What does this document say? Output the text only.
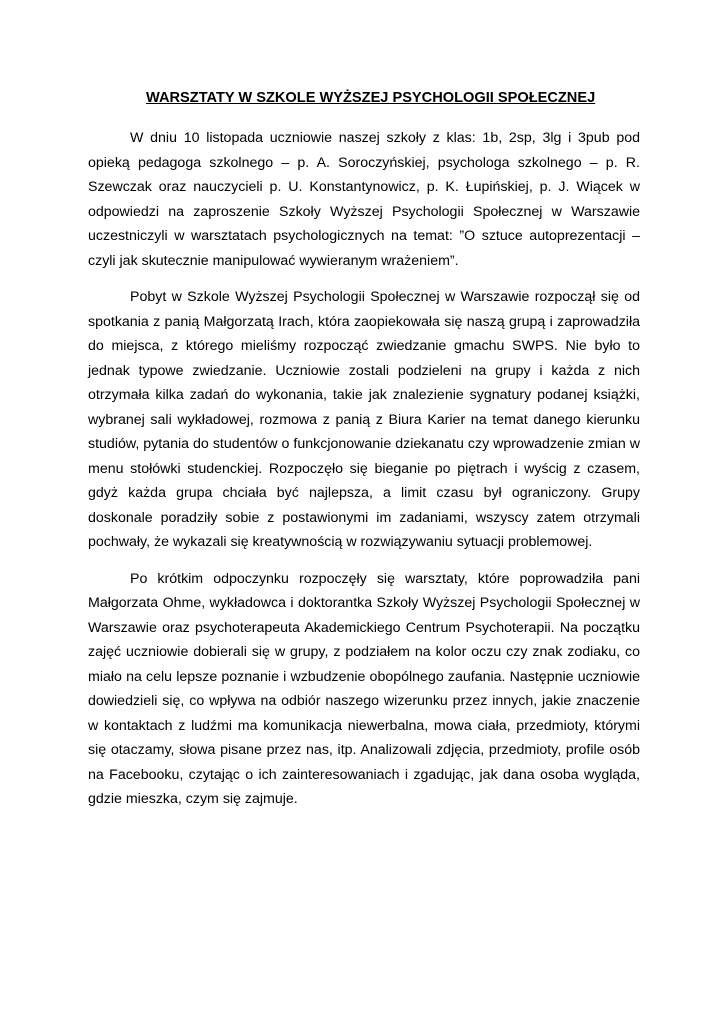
WARSZTATY W SZKOLE WYŻSZEJ PSYCHOLOGII SPOŁECZNEJ

W dniu 10 listopada uczniowie naszej szkoły z klas: 1b, 2sp, 3lg i 3pub pod opieką pedagoga szkolnego – p. A. Soroczyńskiej, psychologa szkolnego – p. R. Szewczak oraz nauczycieli p. U. Konstantynowicz, p. K. Łupińskiej, p. J. Wiącek w odpowiedzi na zaproszenie Szkoły Wyższej Psychologii Społecznej w Warszawie uczestniczyli w warsztatach psychologicznych na temat: ”O sztuce autoprezentacji – czyli jak skutecznie manipulować wywieranym wrażeniem”.

Pobyt w Szkole Wyższej Psychologii Społecznej w Warszawie rozpoczął się od spotkania z panią Małgorzatą Irach, która zaopiekowała się naszą grupą i zaprowadziła do miejsca, z którego mieliśmy rozpocząć zwiedzanie gmachu SWPS. Nie było to jednak typowe zwiedzanie. Uczniowie zostali podzieleni na grupy i każda z nich otrzymała kilka zadań do wykonania, takie jak znalezienie sygnatury podanej książki, wybranej sali wykładowej, rozmowa z panią z Biura Karier na temat danego kierunku studiów, pytania do studentów o funkcjonowanie dziekanatu czy wprowadzenie zmian w menu stołówki studenckiej. Rozpoczęło się bieganie po piętrach i wyścig z czasem, gdyż każda grupa chciała być najlepsza, a limit czasu był ograniczony. Grupy doskonale poradziły sobie z postawionymi im zadaniami, wszyscy zatem otrzymali pochwały, że wykazali się kreatywnością w rozwiązywaniu sytuacji problemowej.

Po krótkim odpoczynku rozpoczęły się warsztaty, które poprowadziła pani Małgorzata Ohme, wykładowca i doktorantka Szkoły Wyższej Psychologii Społecznej w Warszawie oraz psychoterapeuta Akademickiego Centrum Psychoterapii. Na początku zajęć uczniowie dobierali się w grupy, z podziałem na kolor oczu czy znak zodiaku, co miało na celu lepsze poznanie i wzbudzenie obopólnego zaufania. Następnie uczniowie dowiedzieli się, co wpływa na odbiór naszego wizerunku przez innych, jakie znaczenie w kontaktach z ludźmi ma komunikacja niewerbalna, mowa ciała, przedmioty, którymi się otaczamy, słowa pisane przez nas, itp. Analizowali zdjęcia, przedmioty, profile osób na Facebooku, czytając o ich zainteresowaniach i zgadując, jak dana osoba wygląda, gdzie mieszka, czym się zajmuje.
